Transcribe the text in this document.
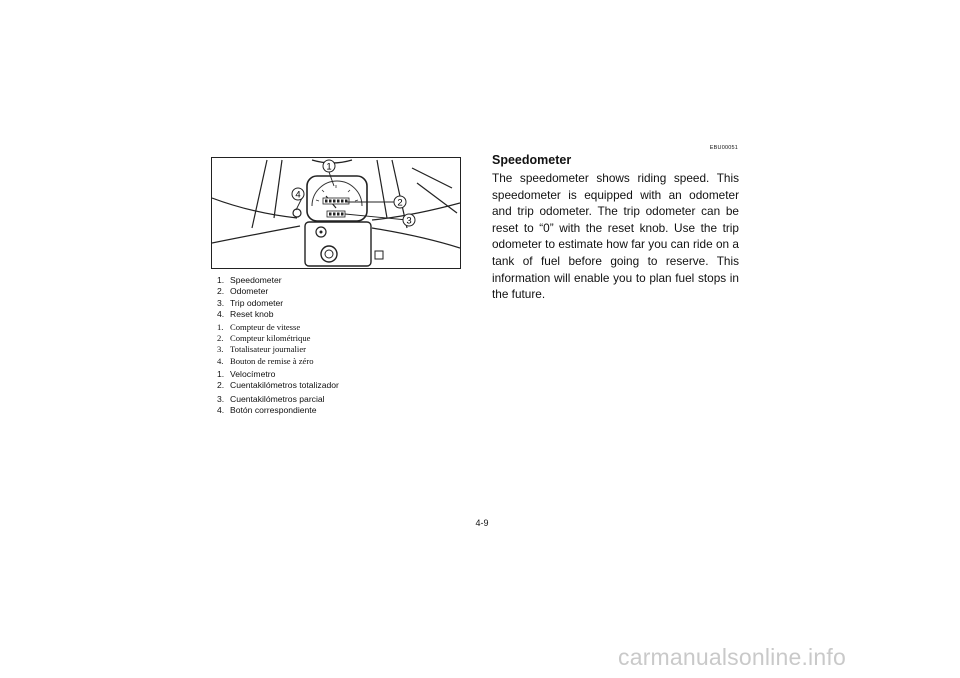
1
4
2
3
1. Speedometer
2. Odometer
3. Trip odometer
4. Reset knob
1. Compteur de vitesse
2. Compteur kilométrique
3. Totalisateur journalier
4. Bouton de remise à zéro
1. Velocímetro
2. Cuentakilómetros totalizador
3. Cuentakilómetros parcial
4. Botón correspondiente
EBU00051
Speedometer
The speedometer shows riding speed. This speedometer is equipped with an odometer and trip odometer. The trip odometer can be reset to “0” with the reset knob. Use the trip odometer to estimate how far you can ride on a tank of fuel before going to reserve. This information will enable you to plan fuel stops in the future.
4-9
carmanualsonline.info
